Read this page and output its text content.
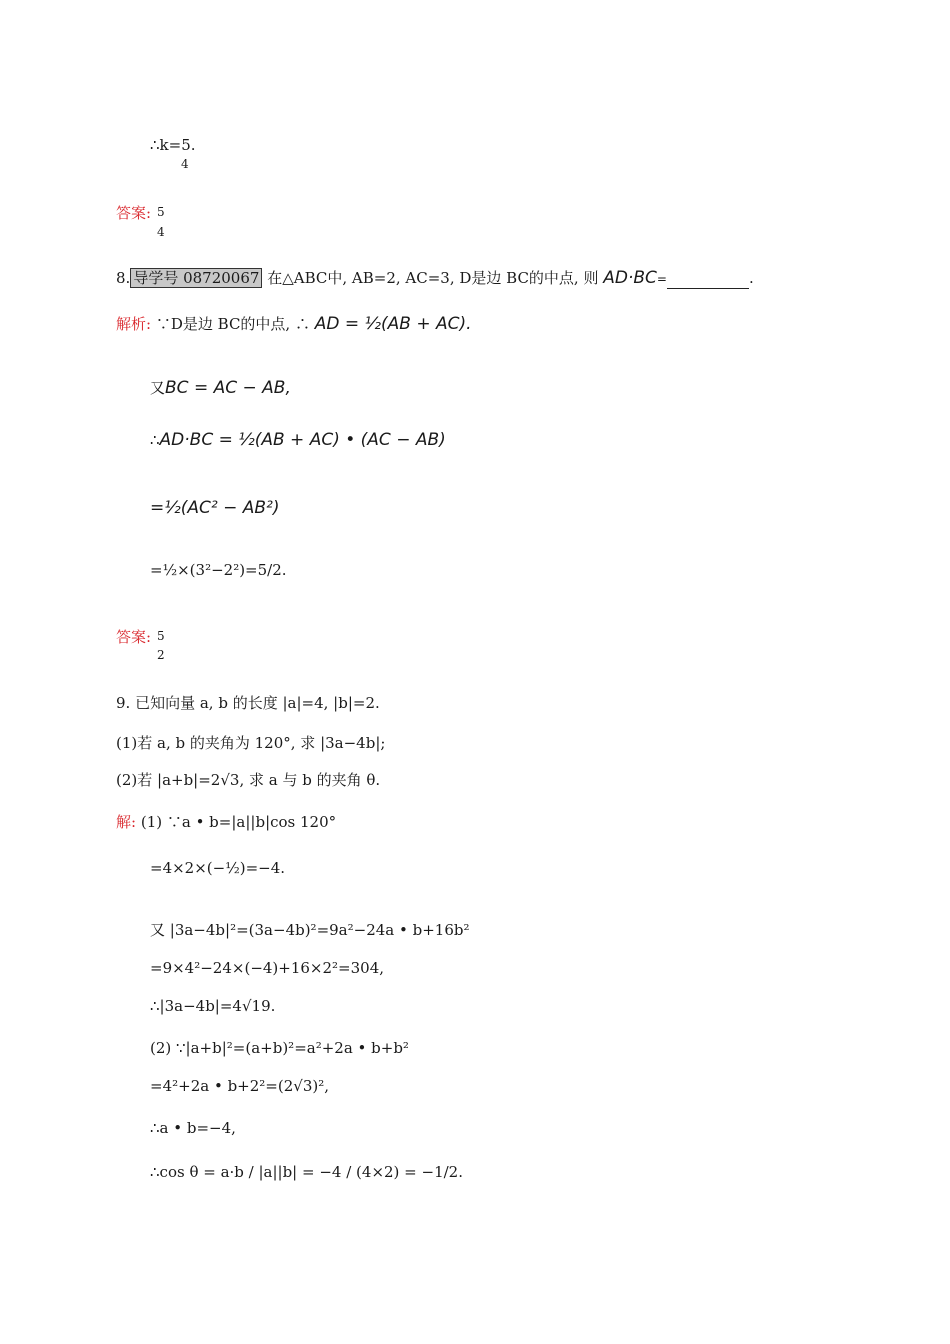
∴k=5.
4
答案: 5
4
8. 导学号 08720067 在△ABC中, AB=2, AC=3, D是边 BC的中点, 则 AD·BC=	.
解析: ∵D是边 BC的中点, ∴ AD = ½(AB + AC).
又BC = AC − AB,
∴AD·BC = ½(AB + AC) • (AC − AB)
=½(AC² − AB²)
=½×(3²−2²)=5/2.
答案: 5
2
9. 已知向量 a, b 的长度 |a|=4, |b|=2.
(1)若 a, b 的夹角为 120°, 求 |3a−4b|;
(2)若 |a+b|=2√3, 求 a 与 b 的夹角 θ.
解: (1) ∵a • b=|a||b|cos 120°
=4×2×(−½)=−4.
又 |3a−4b|²=(3a−4b)²=9a²−24a • b+16b²
=9×4²−24×(−4)+16×2²=304,
∴|3a−4b|=4√19.
(2) ∵|a+b|²=(a+b)²=a²+2a • b+b²
=4²+2a • b+2²=(2√3)²,
∴a • b=−4,
∴cos θ = a·b / |a||b| = −4 / (4×2) = −1/2.
